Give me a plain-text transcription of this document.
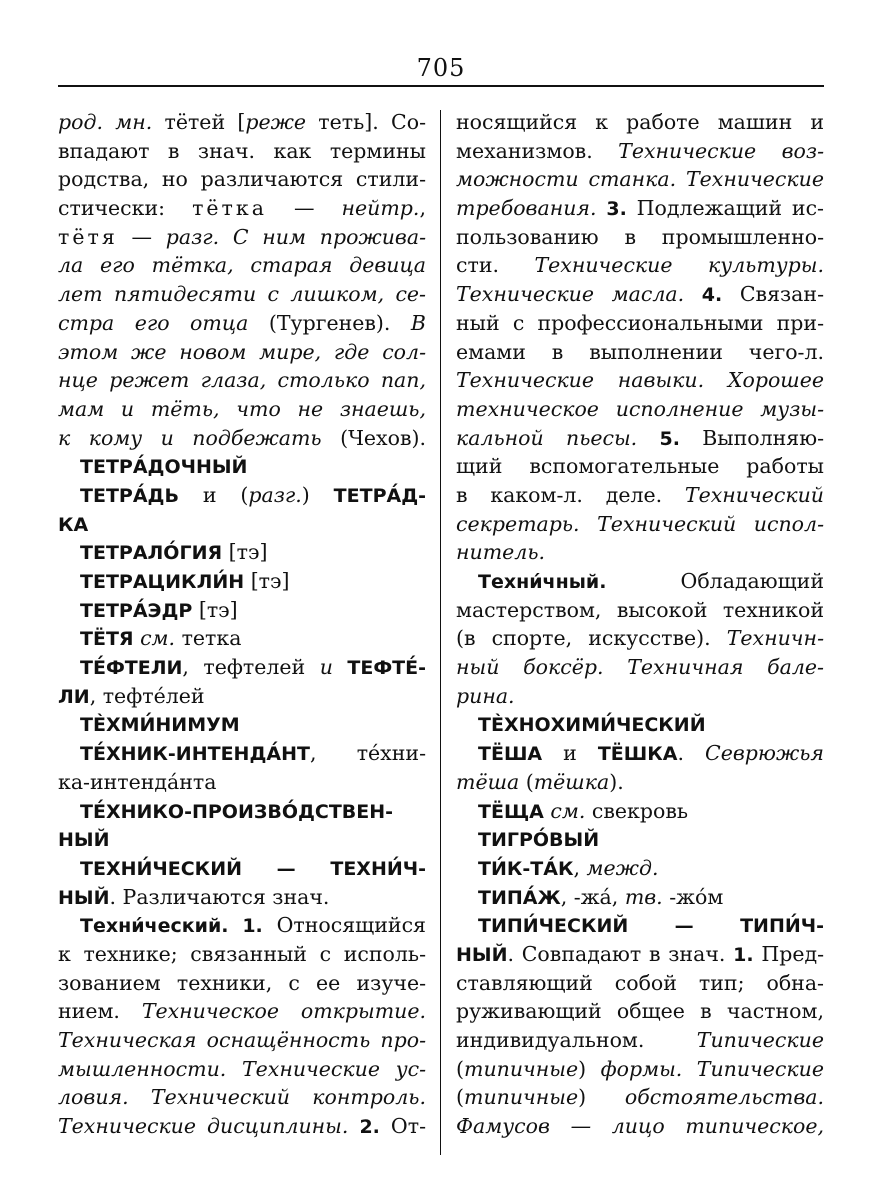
705
род. мн. тётей [реже теть]. Со-
впадают в знач. как термины
родства, но различаются стили-
стически: тётка — нейтр.,
тётя — разг. С ним прожива-
ла его тётка, старая девица
лет пятидесяти с лишком, се-
стра его отца (Тургенев). В
этом же новом мире, где сол-
нце режет глаза, столько пап,
мам и тёть, что не знаешь,
к кому и подбежать (Чехов).
ТЕТРА́ДОЧНЫЙ
ТЕТРА́ДЬ и (разг.) ТЕТРА́Д-
КА
ТЕТРАЛО́ГИЯ [тэ]
ТЕТРАЦИКЛИ́Н [тэ]
ТЕТРА́ЭДР [тэ]
ТЁТЯ см. тетка
ТЕ́ФТЕЛИ, тефтелей и ТЕФТЕ́-
ЛИ, тефте́лей
ТЀХМИ́НИМУМ
ТЕ́ХНИК-ИНТЕНДА́НТ, те́хни-
ка-интенда́нта
ТЕ́ХНИКО-ПРОИЗВО́ДСТВЕН-
НЫЙ
ТЕХНИ́ЧЕСКИЙ — ТЕХНИ́Ч-
НЫЙ. Различаются знач.
Техни́ческий. 1. Относящийся
к технике; связанный с исполь-
зованием техники, с ее изуче-
нием. Техническое открытие.
Техническая оснащённость про-
мышленности. Технические ус-
ловия. Технический контроль.
Технические дисциплины. 2. От-
носящийся к работе машин и
механизмов. Технические воз-
можности станка. Технические
требования. 3. Подлежащий ис-
пользованию в промышленно-
сти. Технические культуры.
Технические масла. 4. Связан-
ный с профессиональными при-
емами в выполнении чего-л.
Технические навыки. Хорошее
техническое исполнение музы-
кальной пьесы. 5. Выполняю-
щий вспомогательные работы
в каком-л. деле. Технический
секретарь. Технический испол-
нитель.
Техни́чный. Обладающий
мастерством, высокой техникой
(в спорте, искусстве). Техничн-
ный боксёр. Техничная бале-
рина.
ТЀХНОХИМИ́ЧЕСКИЙ
ТЁША и ТЁШКА. Севрюжья
тёша (тёшка).
ТЁЩА см. свекровь
ТИГРО́ВЫЙ
ТИ́К-ТА́К, межд.
ТИПА́Ж, -жа́, тв. -жо́м
ТИПИ́ЧЕСКИЙ — ТИПИ́Ч-
НЫЙ. Совпадают в знач. 1. Пред-
ставляющий собой тип; обна-
руживающий общее в частном,
индивидуальном. Типические
(типичные) формы. Типические
(типичные) обстоятельства.
Фамусов — лицо типическое,
